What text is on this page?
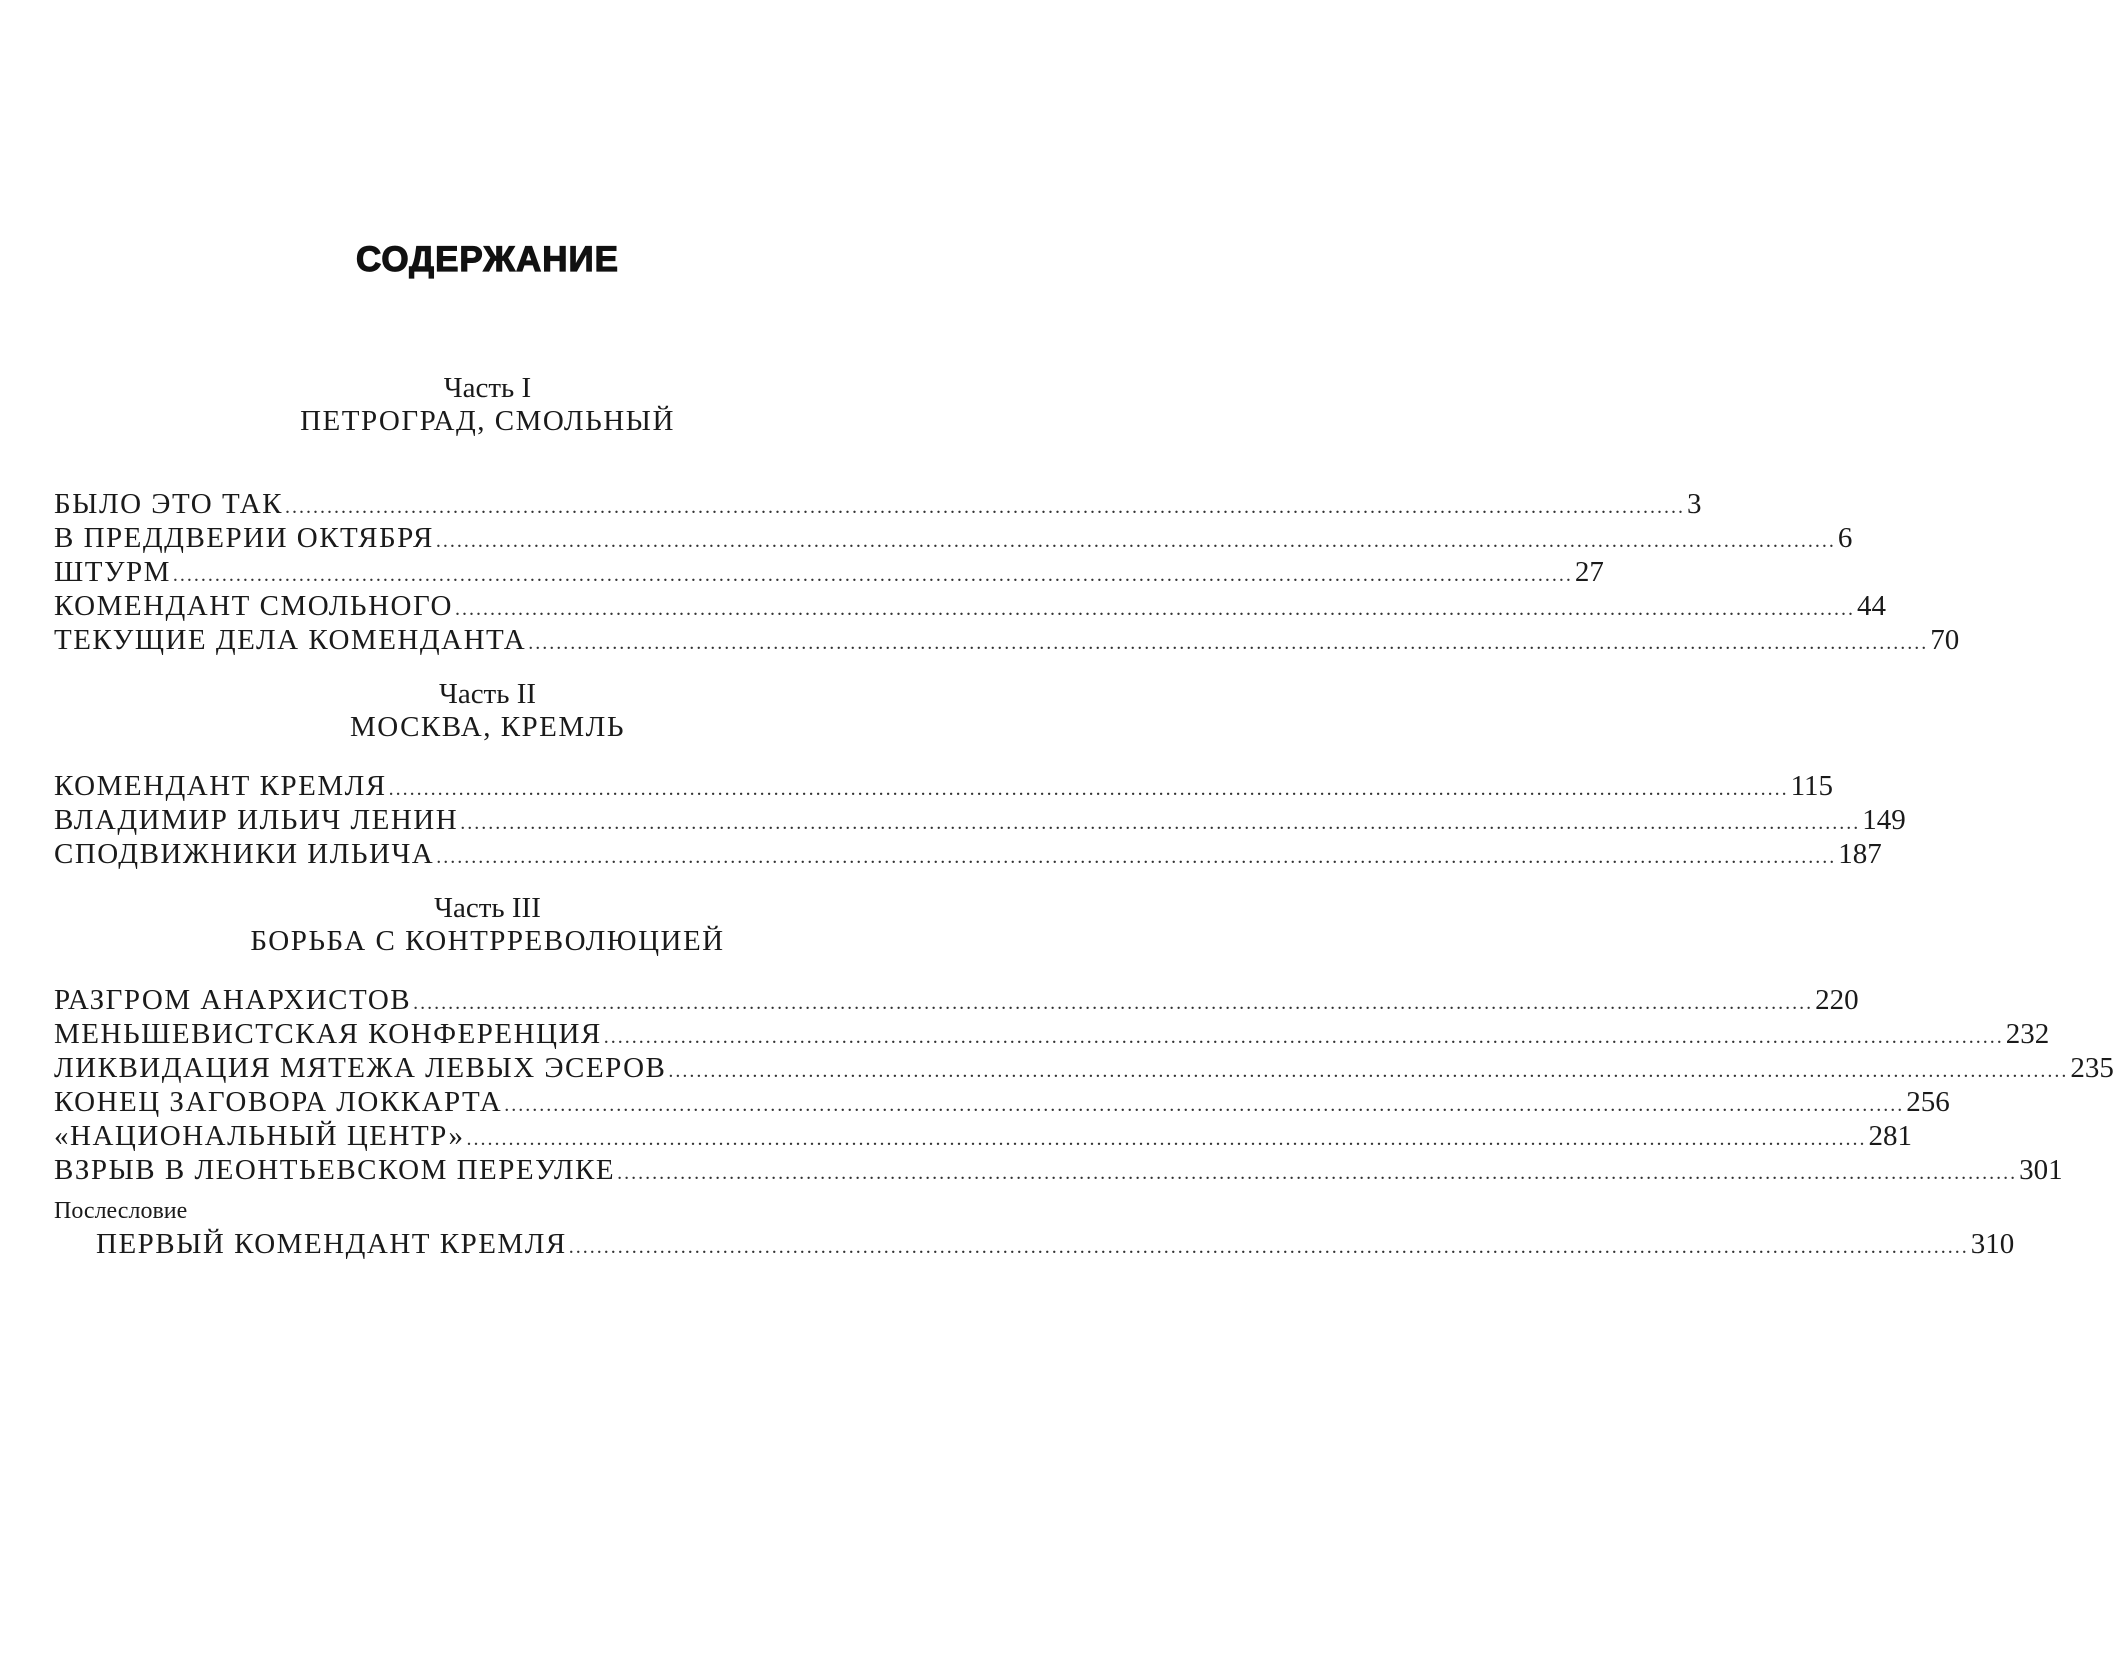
СОДЕРЖАНИЕ
Часть I
ПЕТРОГРАД, СМОЛЬНЫЙ
БЫЛО ЭТО ТАК ........................................................................................................................................................................................................ 3
В ПРЕДДВЕРИИ ОКТЯБРЯ ........................................................................................................................................................................................................ 6
ШТУРМ ........................................................................................................................................................................................................ 27
КОМЕНДАНТ СМОЛЬНОГО ........................................................................................................................................................................................................ 44
ТЕКУЩИЕ ДЕЛА КОМЕНДАНТА ........................................................................................................................................................................................................ 70
Часть II
МОСКВА, КРЕМЛЬ
КОМЕНДАНТ КРЕМЛЯ ........................................................................................................................................................................................................ 115
ВЛАДИМИР ИЛЬИЧ ЛЕНИН ........................................................................................................................................................................................................ 149
СПОДВИЖНИКИ ИЛЬИЧА ........................................................................................................................................................................................................ 187
Часть III
БОРЬБА С КОНТРРЕВОЛЮЦИЕЙ
РАЗГРОМ АНАРХИСТОВ ........................................................................................................................................................................................................ 220
МЕНЬШЕВИСТСКАЯ КОНФЕРЕНЦИЯ ........................................................................................................................................................................................................ 232
ЛИКВИДАЦИЯ МЯТЕЖА ЛЕВЫХ ЭСЕРОВ ........................................................................................................................................................................................................ 235
КОНЕЦ ЗАГОВОРА ЛОККАРТА ........................................................................................................................................................................................................ 256
«НАЦИОНАЛЬНЫЙ ЦЕНТР» ........................................................................................................................................................................................................ 281
ВЗРЫВ В ЛЕОНТЬЕВСКОМ ПЕРЕУЛКЕ ........................................................................................................................................................................................................ 301
Послесловие
ПЕРВЫЙ КОМЕНДАНТ КРЕМЛЯ ........................................................................................................................................................................................................ 310
